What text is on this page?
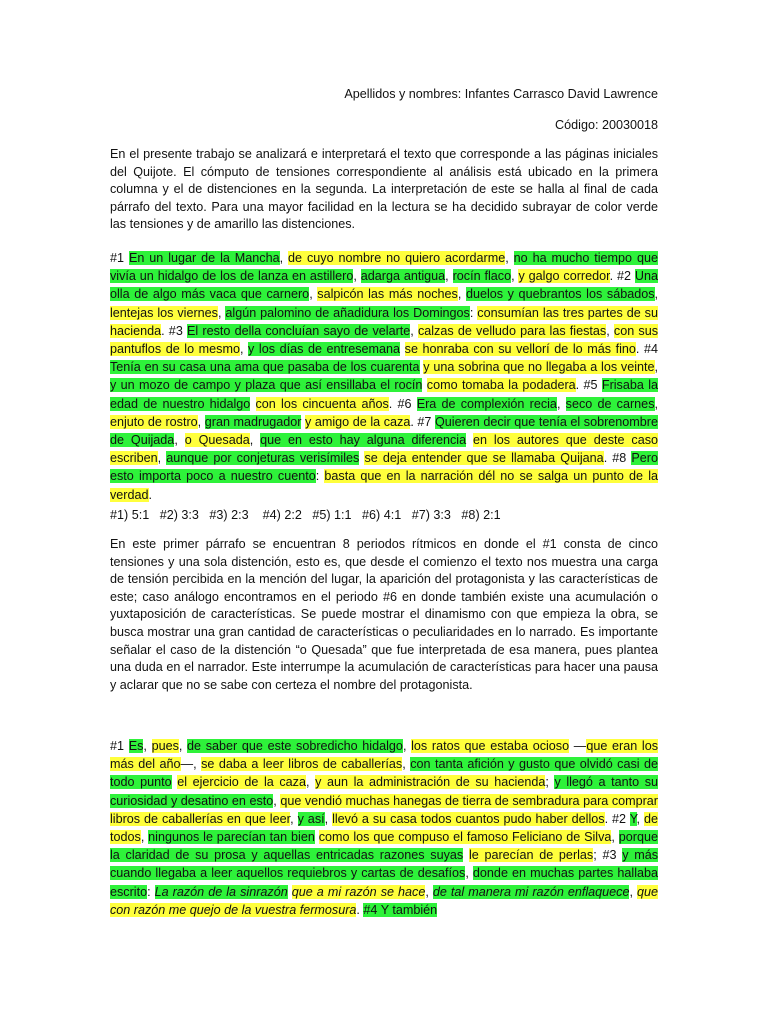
Apellidos y nombres: Infantes Carrasco David Lawrence
Código: 20030018
En el presente trabajo se analizará e interpretará el texto que corresponde a las páginas iniciales del Quijote. El cómputo de tensiones correspondiente al análisis está ubicado en la primera columna y el de distenciones en la segunda. La interpretación de este se halla al final de cada párrafo del texto. Para una mayor facilidad en la lectura se ha decidido subrayar de color verde las tensiones y de amarillo las distenciones.
#1 En un lugar de la Mancha, de cuyo nombre no quiero acordarme, no ha mucho tiempo que vivía un hidalgo de los de lanza en astillero, adarga antigua, rocín flaco, y galgo corredor. #2 Una olla de algo más vaca que carnero, salpicón las más noches, duelos y quebrantos los sábados, lentejas los viernes, algún palomino de añadidura los Domingos: consumían las tres partes de su hacienda. #3 El resto della concluían sayo de velarte, calzas de velludo para las fiestas, con sus pantuflos de lo mesmo, y los días de entresemana se honraba con su vellorí de lo más fino. #4 Tenía en su casa una ama que pasaba de los cuarenta y una sobrina que no llegaba a los veinte, y un mozo de campo y plaza que así ensillaba el rocín como tomaba la podadera. #5 Frisaba la edad de nuestro hidalgo con los cincuenta años. #6 Era de complexión recia, seco de carnes, enjuto de rostro, gran madrugador y amigo de la caza. #7 Quieren decir que tenía el sobrenombre de Quijada, o Quesada, que en esto hay alguna diferencia en los autores que deste caso escriben, aunque por conjeturas verisímiles se deja entender que se llamaba Quijana. #8 Pero esto importa poco a nuestro cuento: basta que en la narración dél no se salga un punto de la verdad.
#1) 5:1   #2) 3:3   #3) 2:3    #4) 2:2   #5) 1:1   #6) 4:1   #7) 3:3   #8) 2:1
En este primer párrafo se encuentran 8 periodos rítmicos en donde el #1 consta de cinco tensiones y una sola distención, esto es, que desde el comienzo el texto nos muestra una carga de tensión percibida en la mención del lugar, la aparición del protagonista y las características de este; caso análogo encontramos en el periodo #6 en donde también existe una acumulación o yuxtaposición de características. Se puede mostrar el dinamismo con que empieza la obra, se busca mostrar una gran cantidad de características o peculiaridades en lo narrado. Es importante señalar el caso de la distención “o Quesada” que fue interpretada de esa manera, pues plantea una duda en el narrador. Este interrumpe la acumulación de características para hacer una pausa y aclarar que no se sabe con certeza el nombre del protagonista.
#1 Es, pues, de saber que este sobredicho hidalgo, los ratos que estaba ocioso —que eran los más del año—, se daba a leer libros de caballerías, con tanta afición y gusto que olvidó casi de todo punto el ejercicio de la caza, y aun la administración de su hacienda; y llegó a tanto su curiosidad y desatino en esto, que vendió muchas hanegas de tierra de sembradura para comprar libros de caballerías en que leer, y así, llevó a su casa todos cuantos pudo haber dellos. #2 Y, de todos, ningunos le parecían tan bien como los que compuso el famoso Feliciano de Silva, porque la claridad de su prosa y aquellas entricadas razones suyas le parecían de perlas; #3 y más cuando llegaba a leer aquellos requiebros y cartas de desafíos, donde en muchas partes hallaba escrito: La razón de la sinrazón que a mi razón se hace, de tal manera mi razón enflaquece, que con razón me quejo de la vuestra fermosura. #4 Y también
